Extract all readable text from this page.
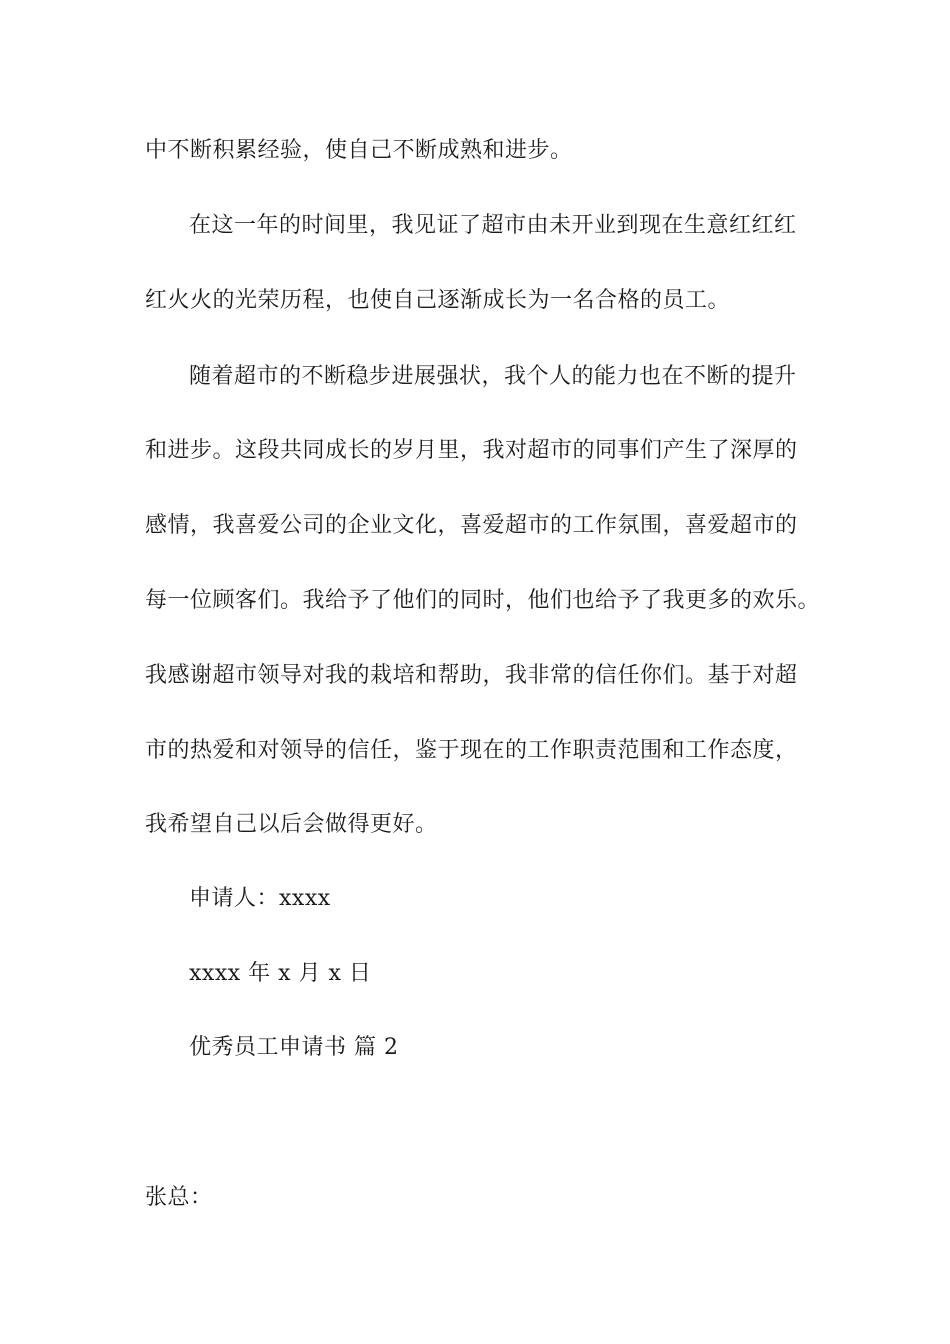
中不断积累经验，使自己不断成熟和进步。
在这一年的时间里，我见证了超市由未开业到现在生意红红红
红火火的光荣历程，也使自己逐渐成长为一名合格的员工。
随着超市的不断稳步进展强状，我个人的能力也在不断的提升
和进步。这段共同成长的岁月里，我对超市的同事们产生了深厚的
感情，我喜爱公司的企业文化，喜爱超市的工作氛围，喜爱超市的
每一位顾客们。我给予了他们的同时，他们也给予了我更多的欢乐。
我感谢超市领导对我的栽培和帮助，我非常的信任你们。基于对超
市的热爱和对领导的信任，鉴于现在的工作职责范围和工作态度，
我希望自己以后会做得更好。
申请人：xxxx
xxxx 年 x 月 x 日
优秀员工申请书 篇 2
张总：
